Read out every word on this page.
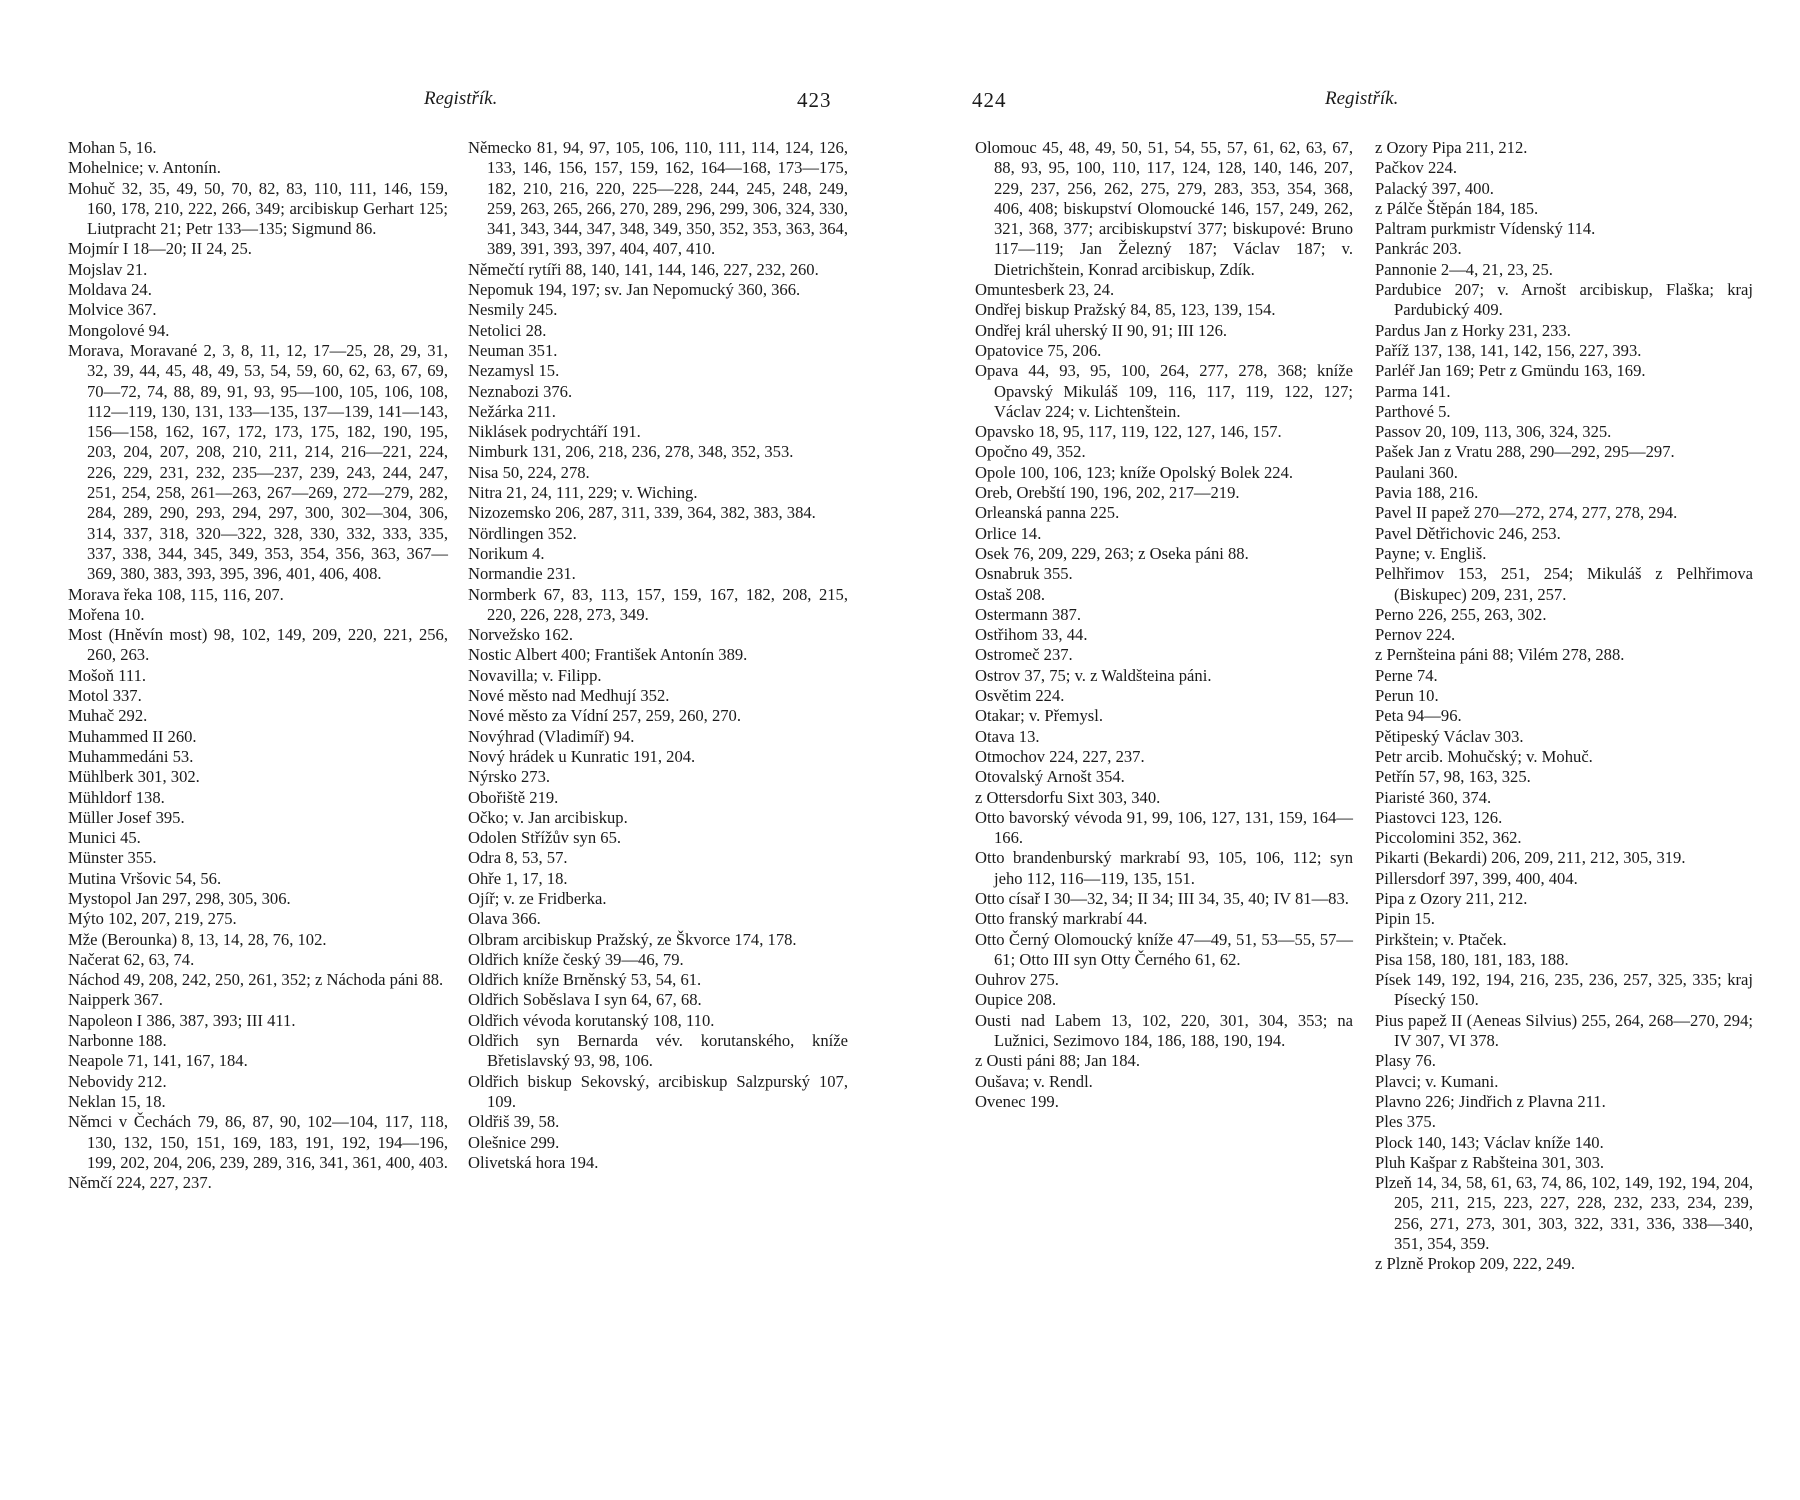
Registřík.	423	424	Registřík.

Mohan 5, 16.

Mohelnice; v. Antonín.

Mohuč 32, 35, 49, 50, 70, 82, 83, 110, 111, 146, 159, 160, 178, 210, 222, 266, 349; arcibiskup Gerhart 125; Liutpracht 21; Petr 133—135; Sigmund 86.

Mojmír I 18—20; II 24, 25.

Mojslav 21.

Moldava 24.

Molvice 367.

Mongolové 94.

Morava, Moravané 2, 3, 8, 11, 12, 17—25, 28, 29, 31, 32, 39, 44, 45, 48, 49, 53, 54, 59, 60, 62, 63, 67, 69, 70—72, 74, 88, 89, 91, 93, 95—100, 105, 106, 108, 112—119, 130, 131, 133—135, 137—139, 141—143, 156—158, 162, 167, 172, 173, 175, 182, 190, 195, 203, 204, 207, 208, 210, 211, 214, 216—221, 224, 226, 229, 231, 232, 235—237, 239, 243, 244, 247, 251, 254, 258, 261—263, 267—269, 272—279, 282, 284, 289, 290, 293, 294, 297, 300, 302—304, 306, 314, 337, 318, 320—322, 328, 330, 332, 333, 335, 337, 338, 344, 345, 349, 353, 354, 356, 363, 367—369, 380, 383, 393, 395, 396, 401, 406, 408.

Morava řeka 108, 115, 116, 207.

Mořena 10.

Most (Hněvín most) 98, 102, 149, 209, 220, 221, 256, 260, 263.

Mošoň 111.

Motol 337.

Muhač 292.

Muhammed II 260.

Muhammedáni 53.

Mühlberk 301, 302.

Mühldorf 138.

Müller Josef 395.

Munici 45.

Münster 355.

Mutina Vršovic 54, 56.

Mystopol Jan 297, 298, 305, 306.

Mýto 102, 207, 219, 275.

Mže (Berounka) 8, 13, 14, 28, 76, 102.

Načerat 62, 63, 74.

Náchod 49, 208, 242, 250, 261, 352; z Náchoda páni 88.

Naipperk 367.

Napoleon I 386, 387, 393; III 411.

Narbonne 188.

Neapole 71, 141, 167, 184.

Nebovidy 212.

Neklan 15, 18.

Němci v Čechách 79, 86, 87, 90, 102—104, 117, 118, 130, 132, 150, 151, 169, 183, 191, 192, 194—196, 199, 202, 204, 206, 239, 289, 316, 341, 361, 400, 403.

Němčí 224, 227, 237.

Německo 81, 94, 97, 105, 106, 110, 111, 114, 124, 126, 133, 146, 156, 157, 159, 162, 164—168, 173—175, 182, 210, 216, 220, 225—228, 244, 245, 248, 249, 259, 263, 265, 266, 270, 289, 296, 299, 306, 324, 330, 341, 343, 344, 347, 348, 349, 350, 352, 353, 363, 364, 389, 391, 393, 397, 404, 407, 410.

Němečtí rytíři 88, 140, 141, 144, 146, 227, 232, 260.

Nepomuk 194, 197; sv. Jan Nepomucký 360, 366.

Nesmily 245.

Netolici 28.

Neuman 351.

Nezamysl 15.

Neznabozi 376.

Nežárka 211.

Niklásek podrychtáří 191.

Nimburk 131, 206, 218, 236, 278, 348, 352, 353.

Nisa 50, 224, 278.

Nitra 21, 24, 111, 229; v. Wiching.

Nizozemsko 206, 287, 311, 339, 364, 382, 383, 384.

Nördlingen 352.

Norikum 4.

Normandie 231.

Normberk 67, 83, 113, 157, 159, 167, 182, 208, 215, 220, 226, 228, 273, 349.

Norvežsko 162.

Nostic Albert 400; František Antonín 389.

Novavilla; v. Filipp.

Nové město nad Medhují 352.

Nové město za Vídní 257, 259, 260, 270.

Novýhrad (Vladimíř) 94.

Nový hrádek u Kunratic 191, 204.

Nýrsko 273.

Obořiště 219.

Očko; v. Jan arcibiskup.

Odolen Střížův syn 65.

Odra 8, 53, 57.

Ohře 1, 17, 18.

Ojíř; v. ze Fridberka.

Olava 366.

Olbram arcibiskup Pražský, ze Škvorce 174, 178.

Oldřich kníže český 39—46, 79.

Oldřich kníže Brněnský 53, 54, 61.

Oldřich Soběslava I syn 64, 67, 68.

Oldřich vévoda korutanský 108, 110.

Oldřich syn Bernarda vév. korutanského, kníže Břetislavský 93, 98, 106.

Oldřich biskup Sekovský, arcibiskup Salzpurský 107, 109.

Oldřiš 39, 58.

Olešnice 299.

Olivetská hora 194.

Olomouc 45, 48, 49, 50, 51, 54, 55, 57, 61, 62, 63, 67, 88, 93, 95, 100, 110, 117, 124, 128, 140, 146, 207, 229, 237, 256, 262, 275, 279, 283, 353, 354, 368, 406, 408; biskupství Olomoucké 146, 157, 249, 262, 321, 368, 377; arcibiskupství 377; biskupové: Bruno 117—119; Jan Železný 187; Václav 187; v. Dietrichštein, Konrad arcibiskup, Zdík.

Omuntesberk 23, 24.

Ondřej biskup Pražský 84, 85, 123, 139, 154.

Ondřej král uherský II 90, 91; III 126.

Opatovice 75, 206.

Opava 44, 93, 95, 100, 264, 277, 278, 368; kníže Opavský Mikuláš 109, 116, 117, 119, 122, 127; Václav 224; v. Lichtenštein.

Opavsko 18, 95, 117, 119, 122, 127, 146, 157.

Opočno 49, 352.

Opole 100, 106, 123; kníže Opolský Bolek 224.

Oreb, Orebští 190, 196, 202, 217—219.

Orleanská panna 225.

Orlice 14.

Osek 76, 209, 229, 263; z Oseka páni 88.

Osnabruk 355.

Ostaš 208.

Ostermann 387.

Ostřihom 33, 44.

Ostromeč 237.

Ostrov 37, 75; v. z Waldšteina páni.

Osvětim 224.

Otakar; v. Přemysl.

Otava 13.

Otmochov 224, 227, 237.

Otovalský Arnošt 354.

z Ottersdorfu Sixt 303, 340.

Otto bavorský vévoda 91, 99, 106, 127, 131, 159, 164—166.

Otto brandenburský markrabí 93, 105, 106, 112; syn jeho 112, 116—119, 135, 151.

Otto císař I 30—32, 34; II 34; III 34, 35, 40; IV 81—83.

Otto franský markrabí 44.

Otto Černý Olomoucký kníže 47—49, 51, 53—55, 57—61; Otto III syn Otty Černého 61, 62.

Ouhrov 275.

Oupice 208.

Ousti nad Labem 13, 102, 220, 301, 304, 353; na Lužnici, Sezimovo 184, 186, 188, 190, 194.

z Ousti páni 88; Jan 184.

Oušava; v. Rendl.

Ovenec 199.

z Ozory Pipa 211, 212.

Pačkov 224.

Palacký 397, 400.

z Pálče Štěpán 184, 185.

Paltram purkmistr Vídenský 114.

Pankrác 203.

Pannonie 2—4, 21, 23, 25.

Pardubice 207; v. Arnošt arcibiskup, Flaška; kraj Pardubický 409.

Pardus Jan z Horky 231, 233.

Paříž 137, 138, 141, 142, 156, 227, 393.

Parléř Jan 169; Petr z Gmündu 163, 169.

Parma 141.

Parthové 5.

Passov 20, 109, 113, 306, 324, 325.

Pašek Jan z Vratu 288, 290—292, 295—297.

Paulani 360.

Pavia 188, 216.

Pavel II papež 270—272, 274, 277, 278, 294.

Pavel Dětřichovic 246, 253.

Payne; v. Engliš.

Pelhřimov 153, 251, 254; Mikuláš z Pelhřimova (Biskupec) 209, 231, 257.

Perno 226, 255, 263, 302.

Pernov 224.

z Pernšteina páni 88; Vilém 278, 288.

Perne 74.

Perun 10.

Peta 94—96.

Pětipeský Václav 303.

Petr arcib. Mohučský; v. Mohuč.

Petřín 57, 98, 163, 325.

Piaristé 360, 374.

Piastovci 123, 126.

Piccolomini 352, 362.

Pikarti (Bekardi) 206, 209, 211, 212, 305, 319.

Pillersdorf 397, 399, 400, 404.

Pipa z Ozory 211, 212.

Pipin 15.

Pirkštein; v. Ptaček.

Pisa 158, 180, 181, 183, 188.

Písek 149, 192, 194, 216, 235, 236, 257, 325, 335; kraj Písecký 150.

Pius papež II (Aeneas Silvius) 255, 264, 268—270, 294; IV 307, VI 378.

Plasy 76.

Plavci; v. Kumani.

Plavno 226; Jindřich z Plavna 211.

Ples 375.

Plock 140, 143; Václav kníže 140.

Pluh Kašpar z Rabšteina 301, 303.

Plzeň 14, 34, 58, 61, 63, 74, 86, 102, 149, 192, 194, 204, 205, 211, 215, 223, 227, 228, 232, 233, 234, 239, 256, 271, 273, 301, 303, 322, 331, 336, 338—340, 351, 354, 359.

z Plzně Prokop 209, 222, 249.
